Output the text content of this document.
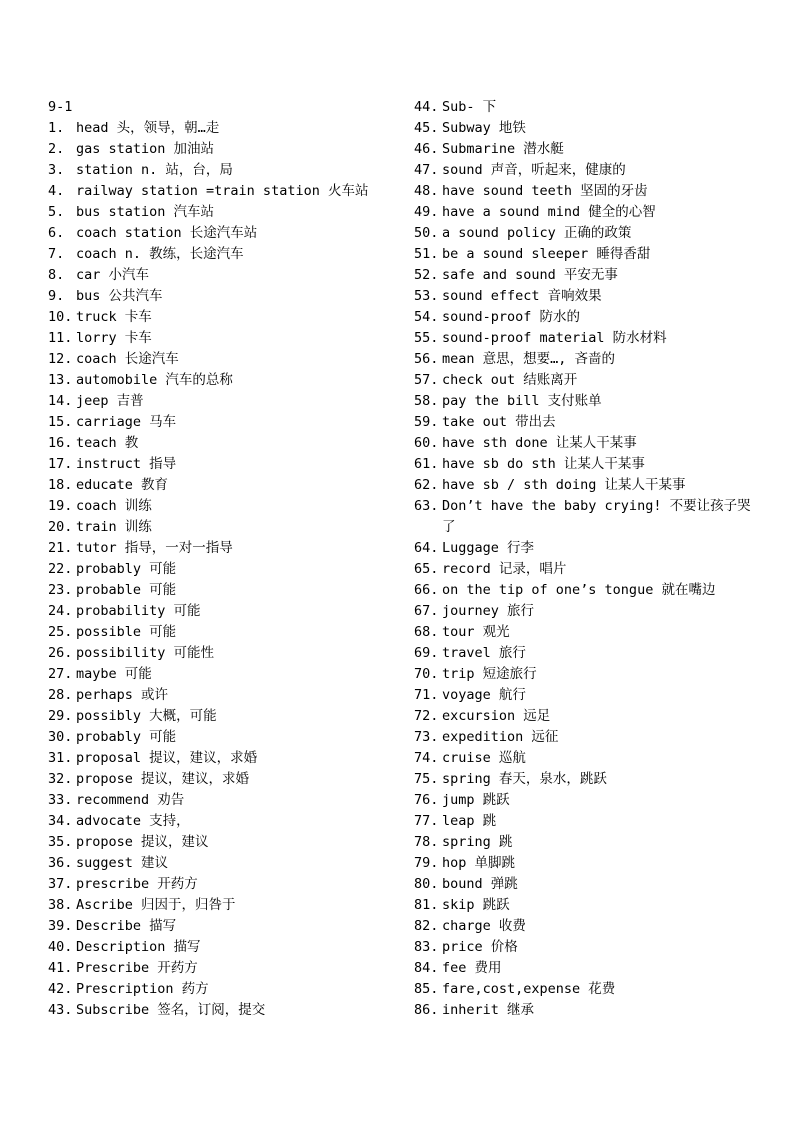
9-1
1. head 头，领导，朝…走
2. gas station 加油站
3. station n. 站，台，局
4. railway station =train station 火车站
5. bus station 汽车站
6. coach station 长途汽车站
7. coach n. 教练，长途汽车
8. car 小汽车
9. bus 公共汽车
10. truck 卡车
11. lorry 卡车
12. coach 长途汽车
13. automobile 汽车的总称
14. jeep 吉普
15. carriage 马车
16. teach 教
17. instruct 指导
18. educate 教育
19. coach 训练
20. train 训练
21. tutor 指导，一对一指导
22. probably 可能
23. probable 可能
24. probability 可能
25. possible 可能
26. possibility 可能性
27. maybe 可能
28. perhaps 或许
29. possibly 大概，可能
30. probably 可能
31. proposal 提议，建议，求婚
32. propose 提议，建议，求婚
33. recommend 劝告
34. advocate 支持，
35. propose 提议，建议
36. suggest 建议
37. prescribe 开药方
38. Ascribe 归因于，归咎于
39. Describe 描写
40. Description 描写
41. Prescribe 开药方
42. Prescription 药方
43. Subscribe 签名，订阅，提交
44. Sub- 下
45. Subway 地铁
46. Submarine 潜水艇
47. sound 声音，听起来，健康的
48. have sound teeth 坚固的牙齿
49. have a sound mind 健全的心智
50. a sound policy 正确的政策
51. be a sound sleeper 睡得香甜
52. safe and sound 平安无事
53. sound effect 音响效果
54. sound-proof 防水的
55. sound-proof material 防水材料
56. mean 意思，想要…, 吝啬的
57. check out 结账离开
58. pay the bill 支付账单
59. take out 带出去
60. have sth done 让某人干某事
61. have sb do sth 让某人干某事
62. have sb / sth doing 让某人干某事
63. Don’t have the baby crying! 不要让孩子哭了
64. Luggage 行李
65. record 记录，唱片
66. on the tip of one’s tongue 就在嘴边
67. journey 旅行
68. tour 观光
69. travel 旅行
70. trip 短途旅行
71. voyage 航行
72. excursion 远足
73. expedition 远征
74. cruise 巡航
75. spring 春天，泉水，跳跃
76. jump 跳跃
77. leap 跳
78. spring 跳
79. hop 单脚跳
80. bound 弹跳
81. skip 跳跃
82. charge 收费
83. price 价格
84. fee 费用
85. fare,cost,expense 花费
86. inherit 继承
